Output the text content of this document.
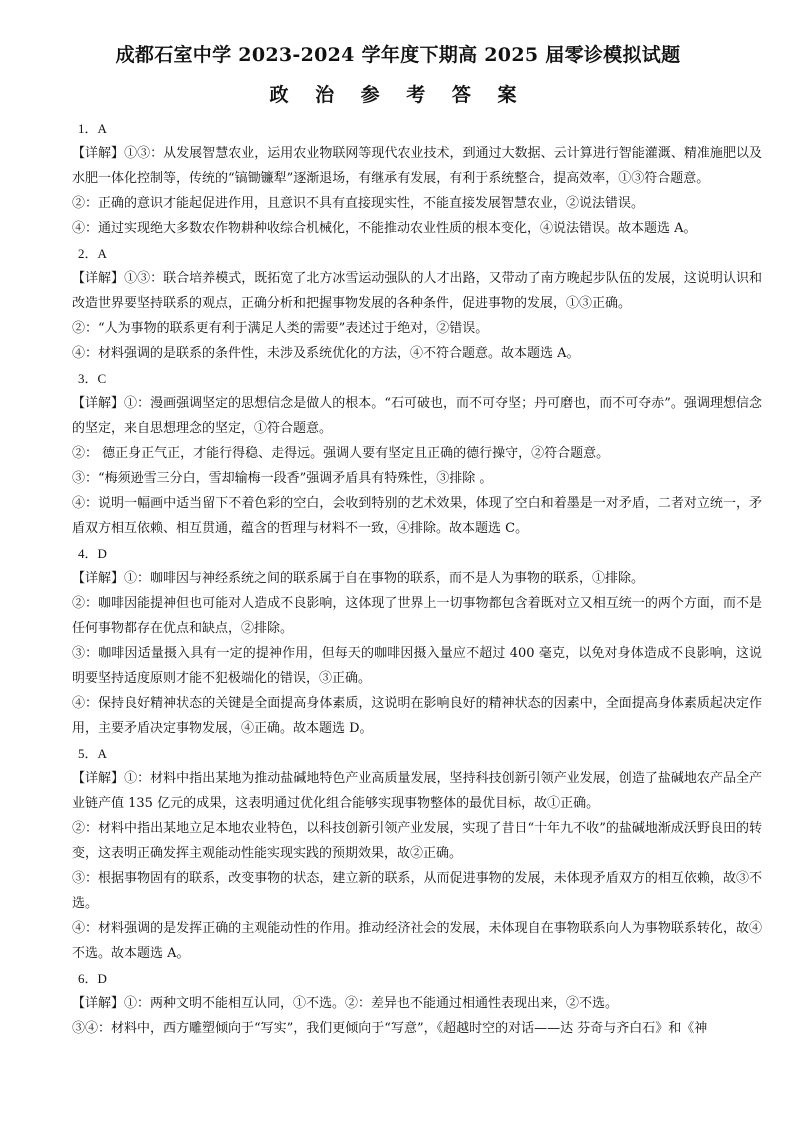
成都石室中学 2023-2024 学年度下期高 2025 届零诊模拟试题
政 治 参 考 答 案
1．A
【详解】①③：从发展智慧农业，运用农业物联网等现代农业技术，到通过大数据、云计算进行智能灌溉、精准施肥以及水肥一体化控制等，传统的“镐锄镰犁”逐渐退场，有继承有发展，有利于系统整合，提高效率，①③符合题意。
②：正确的意识才能起促进作用，且意识不具有直接现实性，不能直接发展智慧农业，②说法错误。
④：通过实现绝大多数农作物耕种收综合机械化，不能推动农业性质的根本变化，④说法错误。故本题选 A。
2．A
【详解】①③：联合培养模式，既拓宽了北方冰雪运动强队的人才出路，又带动了南方晚起步队伍的发展，这说明认识和改造世界要坚持联系的观点，正确分析和把握事物发展的各种条件，促进事物的发展，①③正确。
②：“人为事物的联系更有利于满足人类的需要”表述过于绝对，②错误。
④：材料强调的是联系的条件性，未涉及系统优化的方法，④不符合题意。故本题选 A。
3．C
【详解】①：漫画强调坚定的思想信念是做人的根本。“石可破也，而不可夺坚；丹可磨也，而不可夺赤”。强调理想信念的坚定，来自思想理念的坚定，①符合题意。
②： 德正身正气正，才能行得稳、走得远。强调人要有坚定且正确的德行操守，②符合题意。
③：“梅须逊雪三分白，雪却输梅一段香”强调矛盾具有特殊性，③排除 。
④：说明一幅画中适当留下不着色彩的空白，会收到特别的艺术效果，体现了空白和着墨是一对矛盾，二者对立统一，矛盾双方相互依赖、相互贯通，蕴含的哲理与材料不一致，④排除。故本题选 C。
4．D
【详解】①：咖啡因与神经系统之间的联系属于自在事物的联系，而不是人为事物的联系，①排除。
②：咖啡因能提神但也可能对人造成不良影响，这体现了世界上一切事物都包含着既对立又相互统一的两个方面，而不是任何事物都存在优点和缺点，②排除。
③：咖啡因适量摄入具有一定的提神作用，但每天的咖啡因摄入量应不超过 400 毫克，以免对身体造成不良影响，这说明要坚持适度原则才能不犯极端化的错误，③正确。
④：保持良好精神状态的关键是全面提高身体素质，这说明在影响良好的精神状态的因素中，全面提高身体素质起决定作用，主要矛盾决定事物发展，④正确。故本题选 D。
5．A
【详解】①：材料中指出某地为推动盐碱地特色产业高质量发展，坚持科技创新引领产业发展，创造了盐碱地农产品全产业链产值 135 亿元的成果，这表明通过优化组合能够实现事物整体的最优目标，故①正确。
②：材料中指出某地立足本地农业特色，以科技创新引领产业发展，实现了昔日“十年九不收”的盐碱地渐成沃野良田的转变，这表明正确发挥主观能动性能实现实践的预期效果，故②正确。
③：根据事物固有的联系，改变事物的状态，建立新的联系，从而促进事物的发展，未体现矛盾双方的相互依赖，故③不选。
④：材料强调的是发挥正确的主观能动性的作用。推动经济社会的发展，未体现自在事物联系向人为事物联系转化，故④不选。故本题选 A。
6．D
【详解】①：两种文明不能相互认同，①不选。②：差异也不能通过相通性表现出来，②不选。
③④：材料中，西方雕塑倾向于“写实”，我们更倾向于“写意”，《超越时空的对话——达 芬奇与齐白石》和《神
